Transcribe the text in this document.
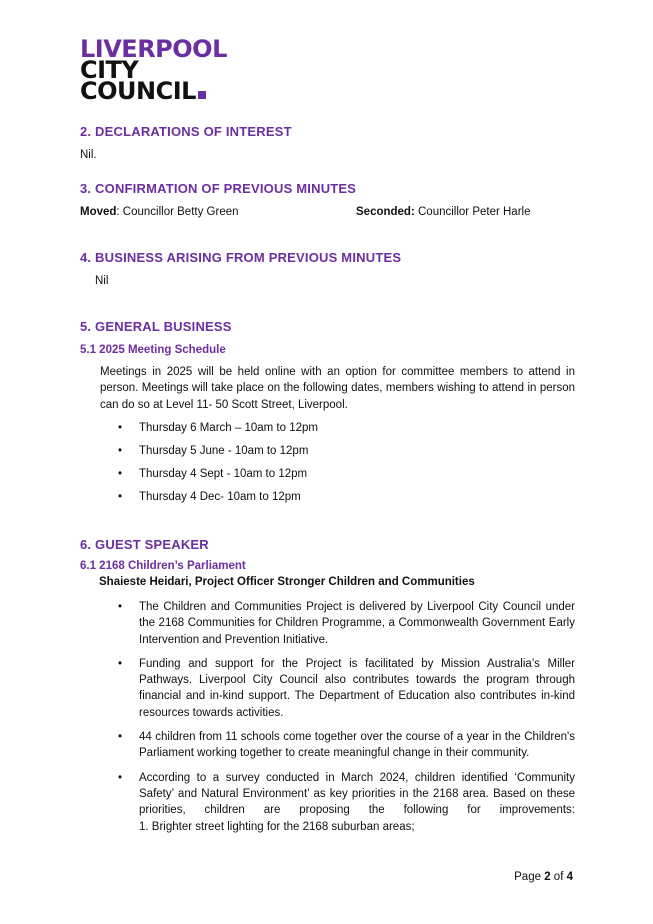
LIVERPOOL
CITY
COUNCIL
2. DECLARATIONS OF INTEREST

Nil.

3. CONFIRMATION OF PREVIOUS MINUTES

Moved: Councillor Betty Green	Seconded: Councillor Peter Harle

4. BUSINESS ARISING FROM PREVIOUS MINUTES

Nil

5. GENERAL BUSINESS
5.1 2025 Meeting Schedule

Meetings in 2025 will be held online with an option for committee members to attend in person. Meetings will take place on the following dates, members wishing to attend in person can do so at Level 11- 50 Scott Street, Liverpool.

• Thursday 6 March – 10am to 12pm
• Thursday 5 June - 10am to 12pm
• Thursday 4 Sept - 10am to 12pm
• Thursday 4 Dec- 10am to 12pm
6. GUEST SPEAKER
6.1 2168 Children’s Parliament

Shaieste Heidari, Project Officer Stronger Children and Communities

• The Children and Communities Project is delivered by Liverpool City Council under the 2168 Communities for Children Programme, a Commonwealth Government Early Intervention and Prevention Initiative.
• Funding and support for the Project is facilitated by Mission Australia’s Miller Pathways. Liverpool City Council also contributes towards the program through financial and in-kind support. The Department of Education also contributes in-kind resources towards activities.
• 44 children from 11 schools come together over the course of a year in the Children's Parliament working together to create meaningful change in their community.
• According to a survey conducted in March 2024, children identified ‘Community Safety’ and Natural Environment’ as key priorities in the 2168 area. Based on these priorities, children are proposing the following for improvements:
1. Brighter street lighting for the 2168 suburban areas;

Page 2 of 4
